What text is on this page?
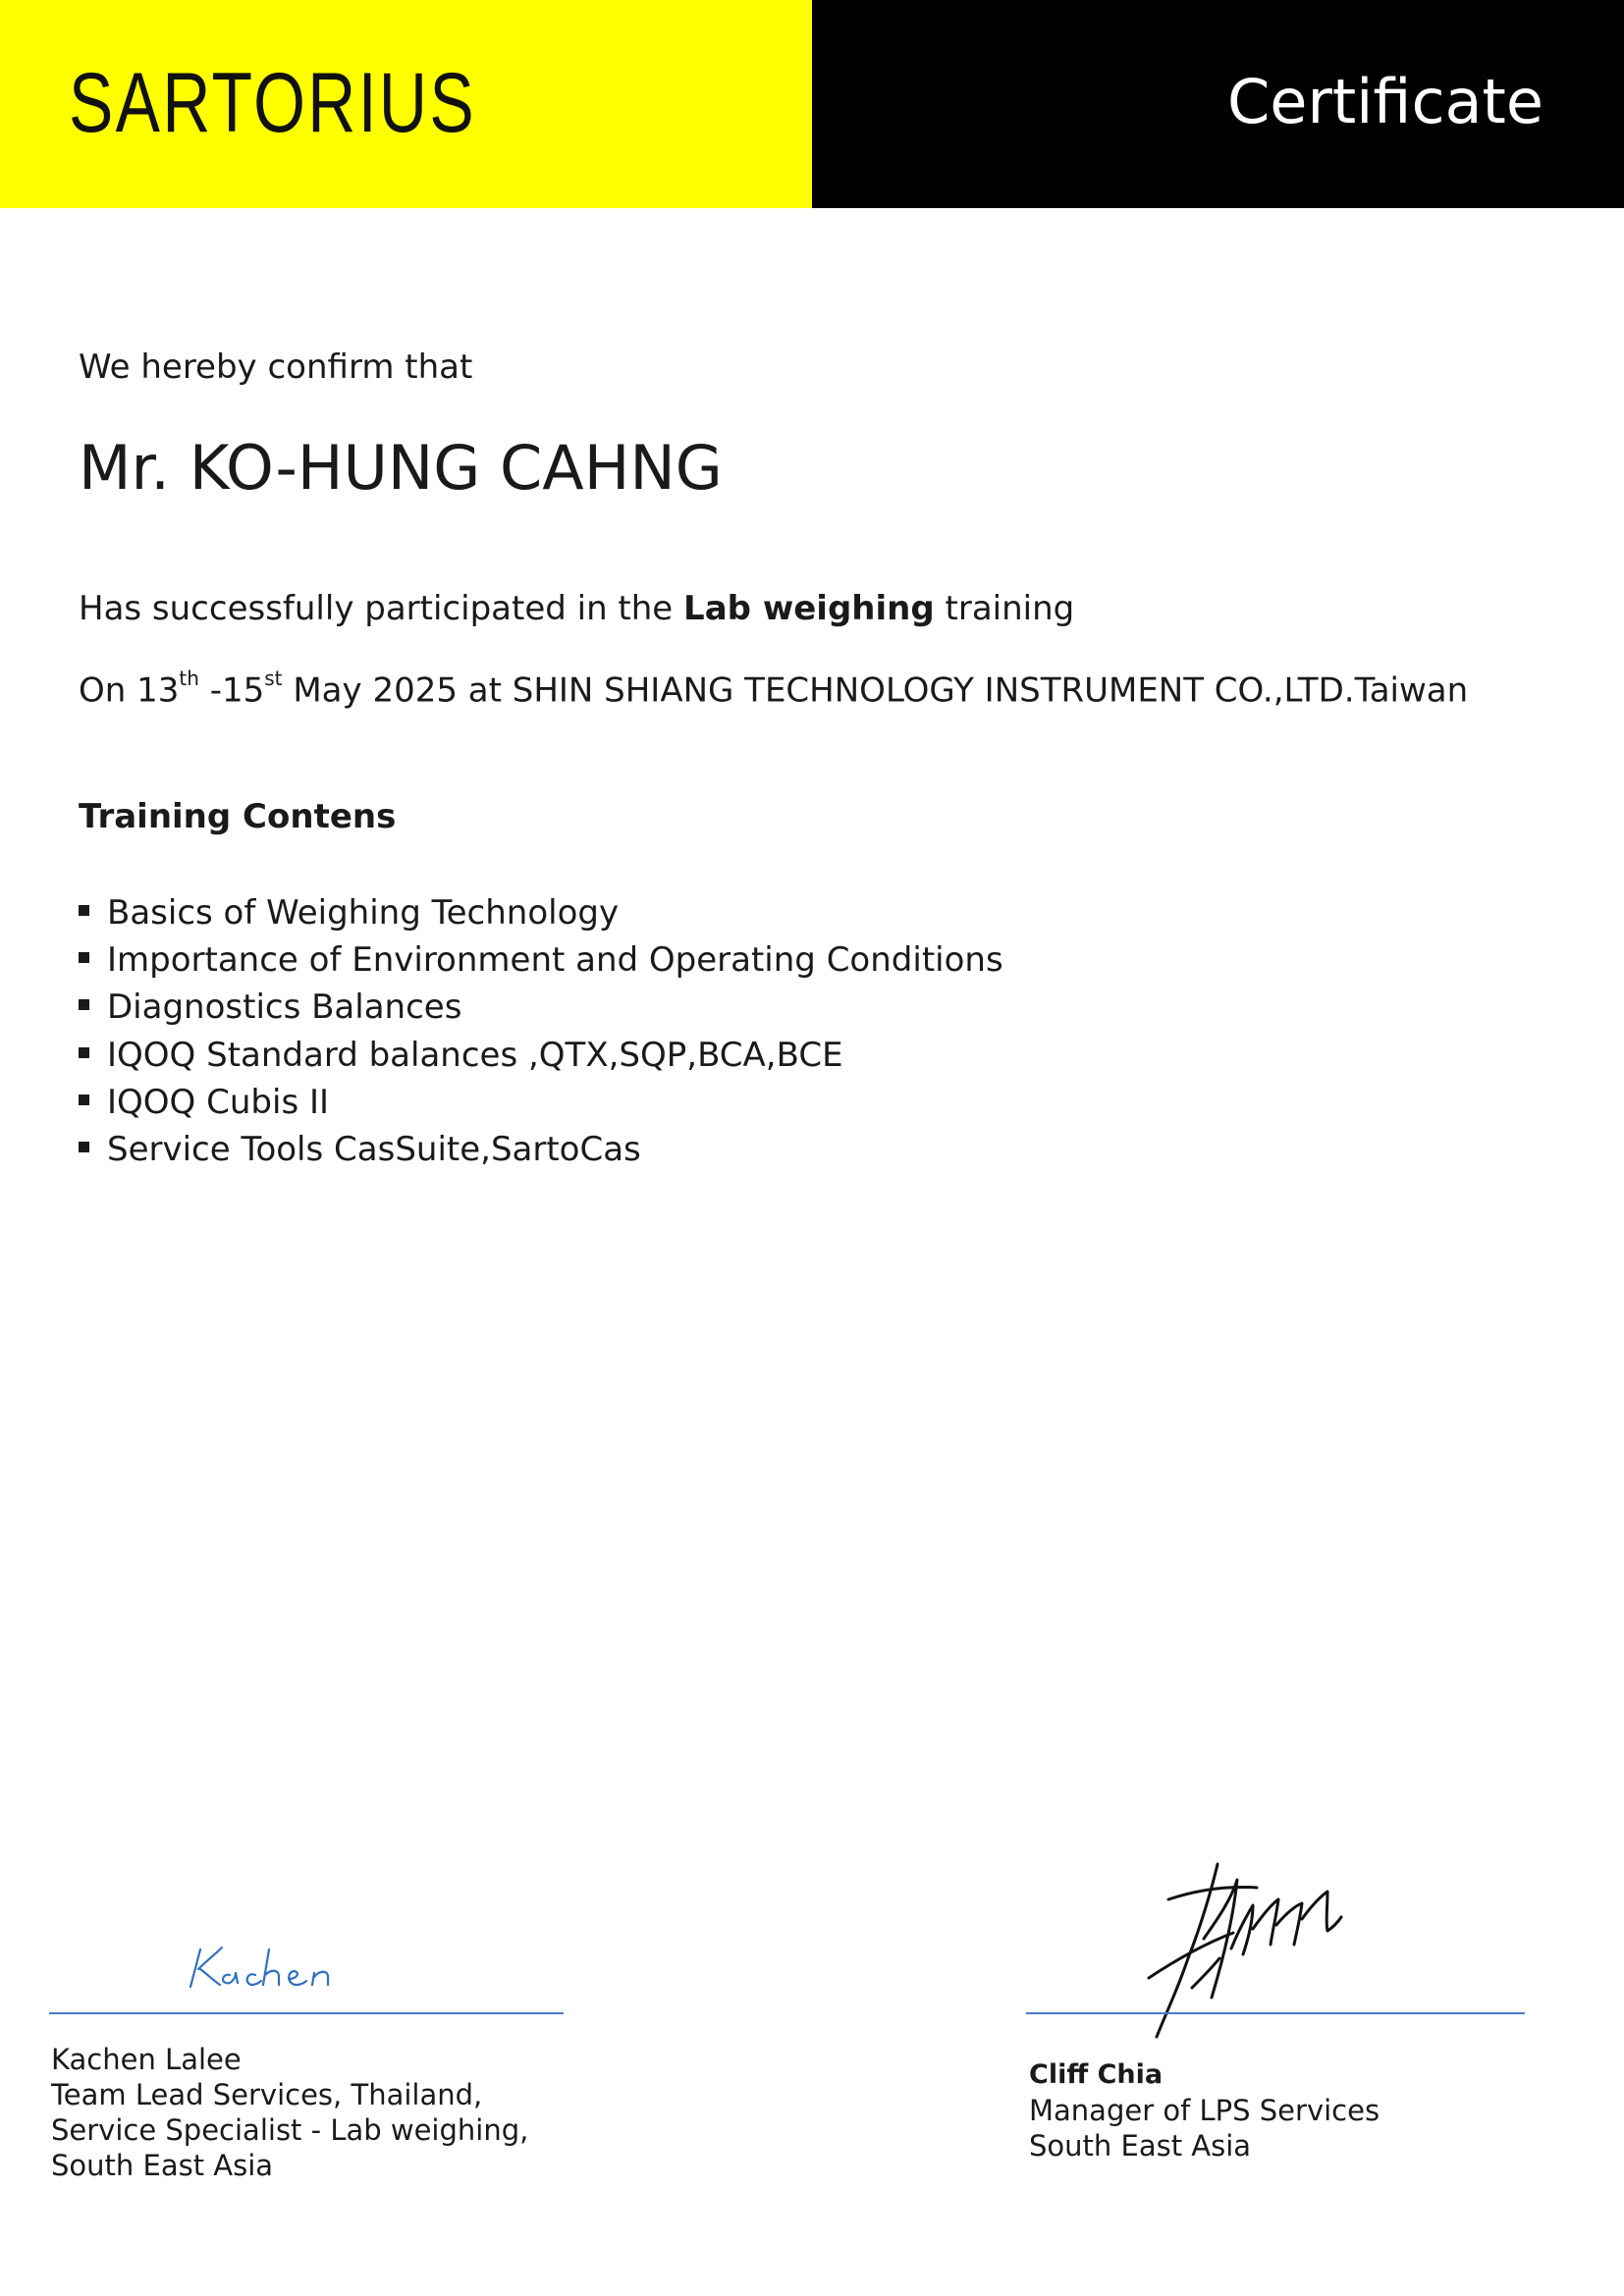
SARTORIUS	Certificate
We hereby confirm that
Mr. KO-HUNG CAHNG
Has successfully participated in the Lab weighing training
On 13th -15st May 2025 at SHIN SHIANG TECHNOLOGY INSTRUMENT CO.,LTD.Taiwan
Training Contens
Basics of Weighing Technology
Importance of Environment and Operating Conditions
Diagnostics Balances
IQOQ Standard balances ,QTX,SQP,BCA,BCE
IQOQ Cubis II
Service Tools CasSuite,SartoCas
Kachen Lalee
Team Lead Services, Thailand,
Service Specialist - Lab weighing,
South East Asia
Cliff Chia
Manager of LPS Services
South East Asia
